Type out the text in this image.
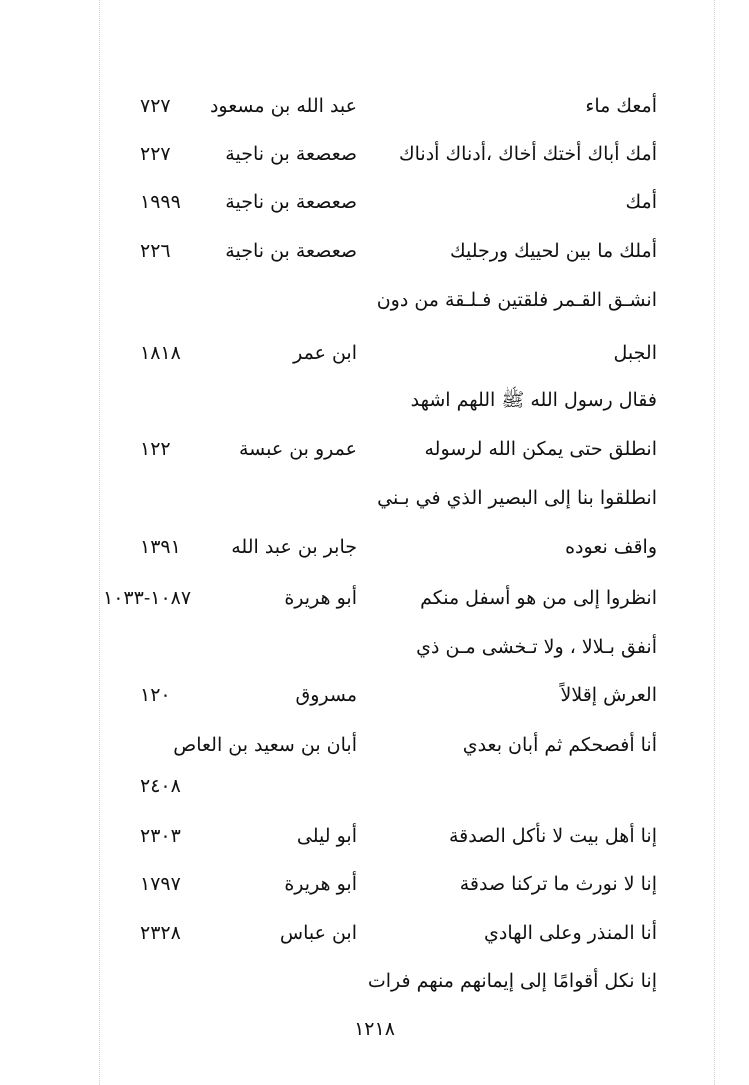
أمعك ماء
عبد الله بن مسعود
٧٢٧
أمك أباك أختك أخاك ،أدناك أدناك
صعصعة بن ناجية
٢٢٧
أمك
صعصعة بن ناجية
١٩٩٩
أملك ما بين لحييك ورجليك
صعصعة بن ناجية
٢٢٦
انشـق القـمر فلقتين فـلـقة من دون
الجبل
ابن عمر
١٨١٨
فقال رسول الله ﷺ اللهم اشهد
انطلق حتى يمكن الله لرسوله
عمرو بن عبسة
١٢٢
انطلقوا بنا إلى البصير الذي في بـني
واقف نعوده
جابر بن عبد الله
١٣٩١
انظروا إلى من هو أسفل منكم
أبو هريرة
١٠٨٧-١٠٣٣
أنفق بـلالا ، ولا تـخشى مـن ذي
العرش إقلالاً
مسروق
١٢٠
أنا أفصحكم ثم أبان بعدي
أبان بن سعيد بن العاص
٢٤٠٨
إنا أهل بيت لا نأكل الصدقة
أبو ليلى
٢٣٠٣
إنا لا نورث ما تركنا صدقة
أبو هريرة
١٧٩٧
أنا المنذر وعلى الهادي
ابن عباس
٢٣٢٨
إنا نكل أقوامًا إلى إيمانهم منهم فرات
١٢١٨
